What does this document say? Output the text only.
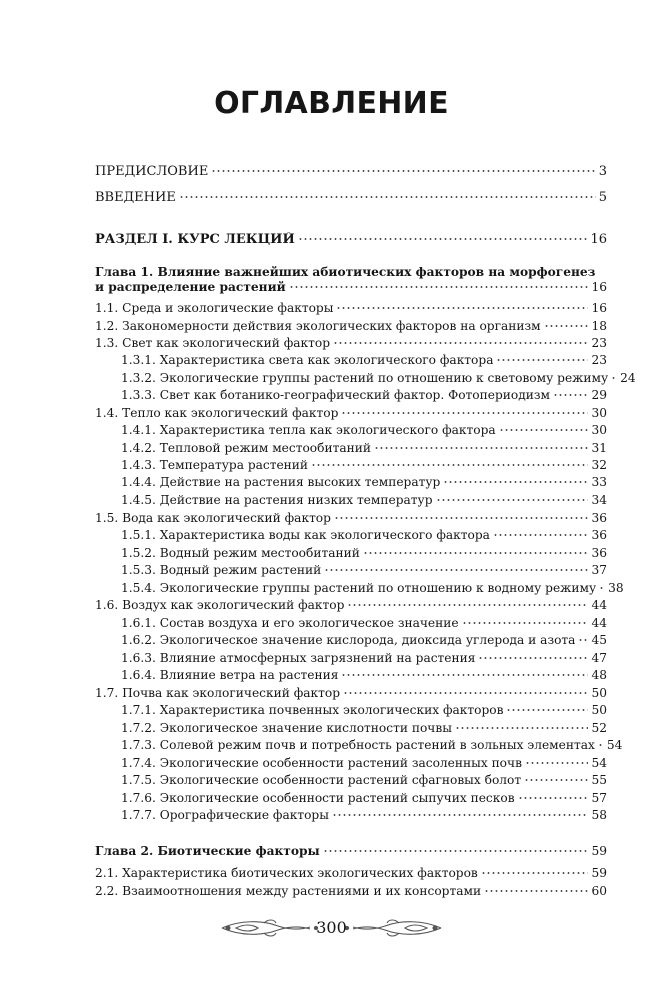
ОГЛАВЛЕНИЕ
ПРЕДИСЛОВИЕ	3
ВВЕДЕНИЕ	5
РАЗДЕЛ I. КУРС ЛЕКЦИЙ	16
Глава 1. Влияние важнейших абиотических факторов на морфогенез
и распределение растений	16
1.1. Среда и экологические факторы	16
1.2. Закономерности действия экологических факторов на организм	18
1.3. Свет как экологический фактор	23
1.3.1. Характеристика света как экологического фактора	23
1.3.2. Экологические группы растений по отношению к световому режиму 24
1.3.3. Свет как ботанико-географический фактор. Фотопериодизм	29
1.4. Тепло как экологический фактор	30
1.4.1. Характеристика тепла как экологического фактора	30
1.4.2. Тепловой режим местообитаний	31
1.4.3. Температура растений	32
1.4.4. Действие на растения высоких температур	33
1.4.5. Действие на растения низких температур	34
1.5. Вода как экологический фактор	36
1.5.1. Характеристика воды как экологического фактора	36
1.5.2. Водный режим местообитаний	36
1.5.3. Водный режим растений	37
1.5.4. Экологические группы растений по отношению к водному режиму 38
1.6. Воздух как экологический фактор	44
1.6.1. Состав воздуха и его экологическое значение	44
1.6.2. Экологическое значение кислорода, диоксида углерода и азота 45
1.6.3. Влияние атмосферных загрязнений на растения	47
1.6.4. Влияние ветра на растения	48
1.7. Почва как экологический фактор	50
1.7.1. Характеристика почвенных экологических факторов	50
1.7.2. Экологическое значение кислотности почвы	52
1.7.3. Солевой режим почв и потребность растений в зольных элементах 54
1.7.4. Экологические особенности растений засоленных почв	54
1.7.5. Экологические особенности растений сфагновых болот	55
1.7.6. Экологические особенности растений сыпучих песков	57
1.7.7. Орографические факторы	58
Глава 2. Биотические факторы	59
2.1. Характеристика биотических экологических факторов	59
2.2. Взаимоотношения между растениями и их консортами	60
300
